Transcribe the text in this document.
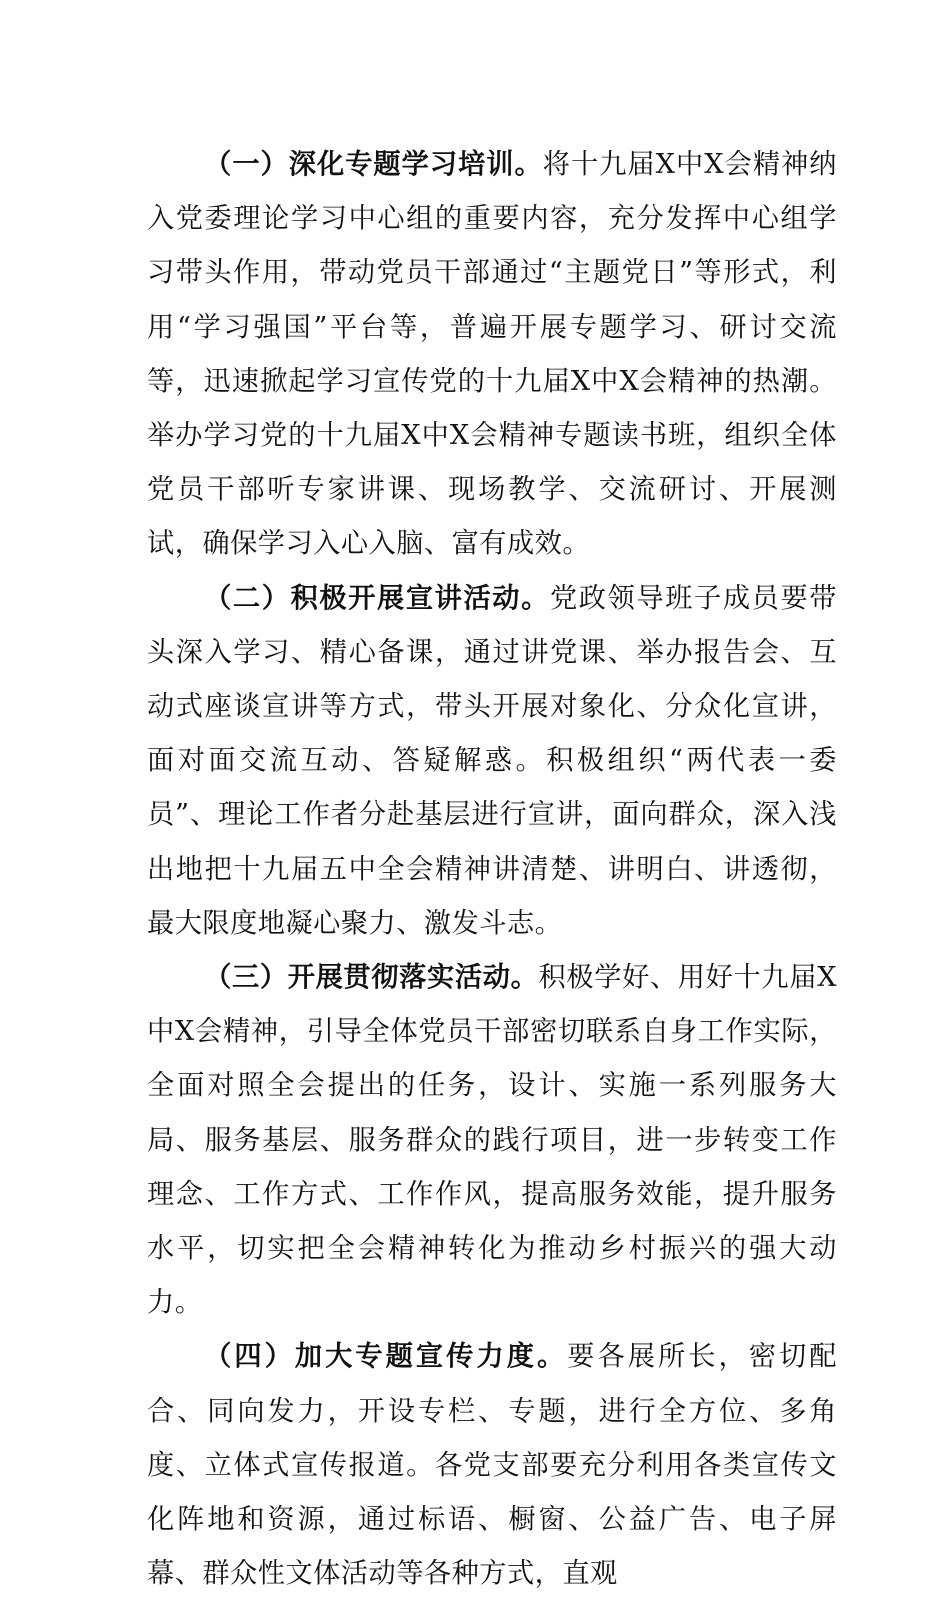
（一）深化专题学习培训。将十九届X中X会精神纳入党委理论学习中心组的重要内容，充分发挥中心组学习带头作用，带动党员干部通过“主题党日”等形式，利用“学习强国”平台等，普遍开展专题学习、研讨交流等，迅速掀起学习宣传党的十九届X中X会精神的热潮。举办学习党的十九届X中X会精神专题读书班，组织全体党员干部听专家讲课、现场教学、交流研讨、开展测试，确保学习入心入脑、富有成效。

（二）积极开展宣讲活动。党政领导班子成员要带头深入学习、精心备课，通过讲党课、举办报告会、互动式座谈宣讲等方式，带头开展对象化、分众化宣讲，面对面交流互动、答疑解惑。积极组织“两代表一委员”、理论工作者分赴基层进行宣讲，面向群众，深入浅出地把十九届五中全会精神讲清楚、讲明白、讲透彻，最大限度地凝心聚力、激发斗志。

（三）开展贯彻落实活动。积极学好、用好十九届X中X会精神，引导全体党员干部密切联系自身工作实际，全面对照全会提出的任务，设计、实施一系列服务大局、服务基层、服务群众的践行项目，进一步转变工作理念、工作方式、工作作风，提高服务效能，提升服务水平，切实把全会精神转化为推动乡村振兴的强大动力。

（四）加大专题宣传力度。要各展所长，密切配合、同向发力，开设专栏、专题，进行全方位、多角度、立体式宣传报道。各党支部要充分利用各类宣传文化阵地和资源，通过标语、橱窗、公益广告、电子屏幕、群众性文体活动等各种方式，直观
